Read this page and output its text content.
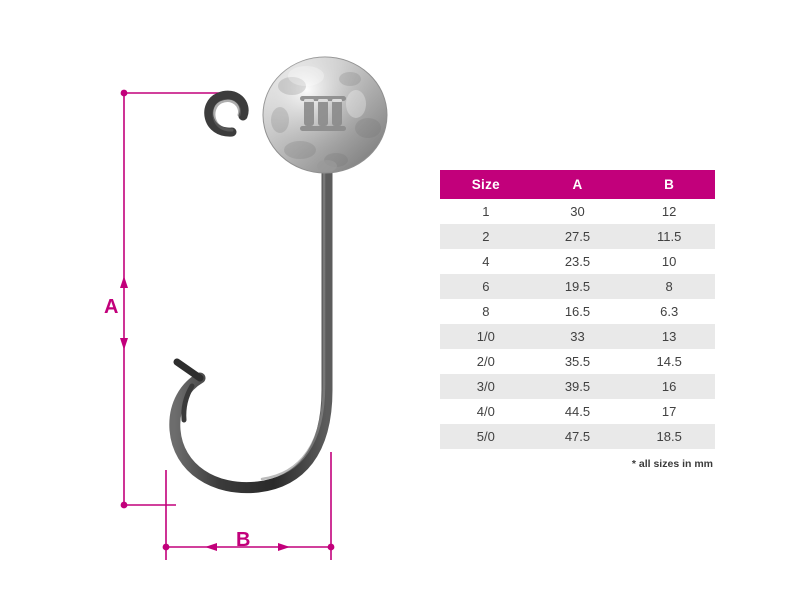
A
B
Size	A	B
1	30	12
2	27.5	11.5
4	23.5	10
6	19.5	8
8	16.5	6.3
1/0	33	13
2/0	35.5	14.5
3/0	39.5	16
4/0	44.5	17
5/0	47.5	18.5
* all sizes in mm
